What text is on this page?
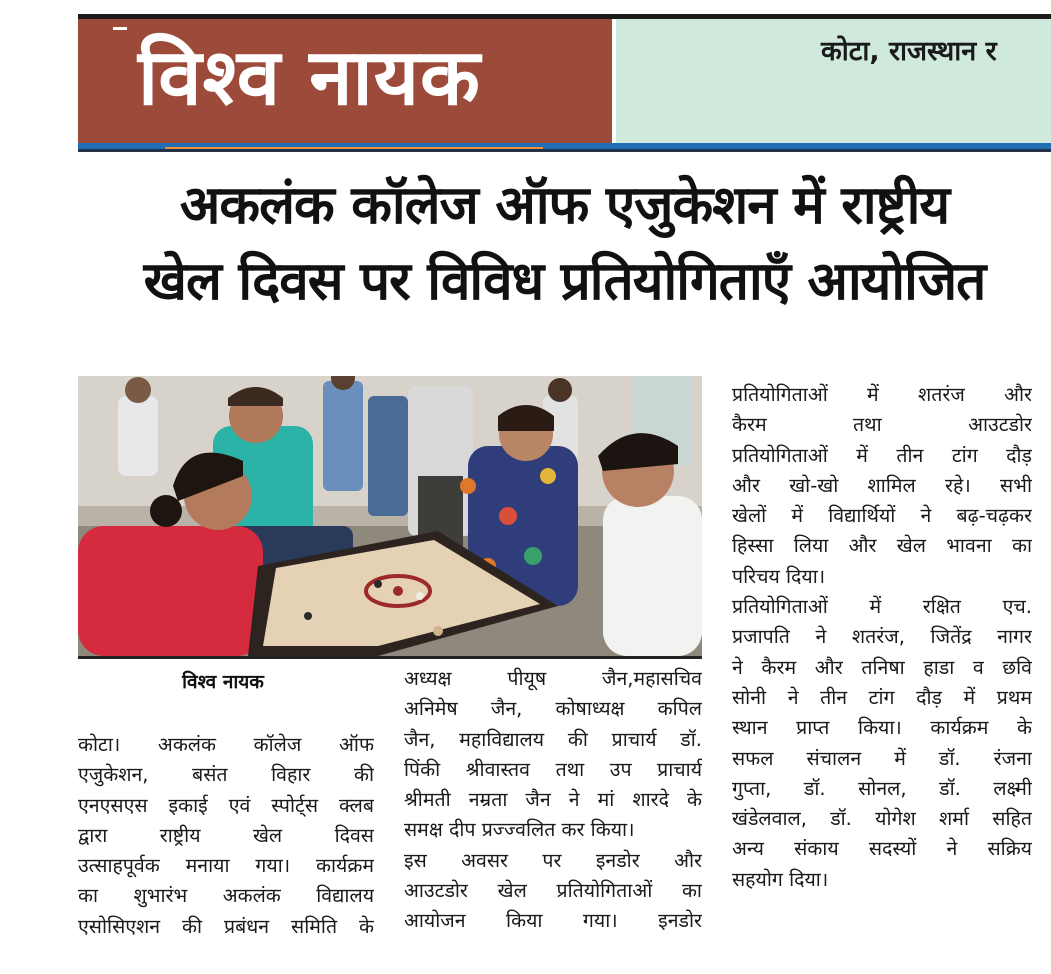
विश्व नायक	कोटा, राजस्थान र
अकलंक कॉलेज ऑफ एजुकेशन में राष्ट्रीय
खेल दिवस पर विविध प्रतियोगिताएँ आयोजित
विश्व नायक
कोटा। अकलंक कॉलेज ऑफ
एजुकेशन, बसंत विहार की
एनएसएस इकाई एवं स्पोर्ट्स क्लब
द्वारा राष्ट्रीय खेल दिवस
उत्साहपूर्वक मनाया गया। कार्यक्रम
का शुभारंभ अकलंक विद्यालय
एसोसिएशन की प्रबंधन समिति के
अध्यक्ष पीयूष जैन,महासचिव
अनिमेष जैन, कोषाध्यक्ष कपिल
जैन, महाविद्यालय की प्राचार्य डॉ.
पिंकी श्रीवास्तव तथा उप प्राचार्य
श्रीमती नम्रता जैन ने मां शारदे के
समक्ष दीप प्रज्ज्वलित कर किया।
इस अवसर पर इनडोर और
आउटडोर खेल प्रतियोगिताओं का
आयोजन किया गया। इनडोर
प्रतियोगिताओं में शतरंज और
कैरम तथा आउटडोर
प्रतियोगिताओं में तीन टांग दौड़
और खो-खो शामिल रहे। सभी
खेलों में विद्यार्थियों ने बढ़-चढ़कर
हिस्सा लिया और खेल भावना का
परिचय दिया।
प्रतियोगिताओं में रक्षित एच.
प्रजापति ने शतरंज, जितेंद्र नागर
ने कैरम और तनिषा हाडा व छवि
सोनी ने तीन टांग दौड़ में प्रथम
स्थान प्राप्त किया। कार्यक्रम के
सफल संचालन में डॉ. रंजना
गुप्ता, डॉ. सोनल, डॉ. लक्ष्मी
खंडेलवाल, डॉ. योगेश शर्मा सहित
अन्य संकाय सदस्यों ने सक्रिय
सहयोग दिया।
